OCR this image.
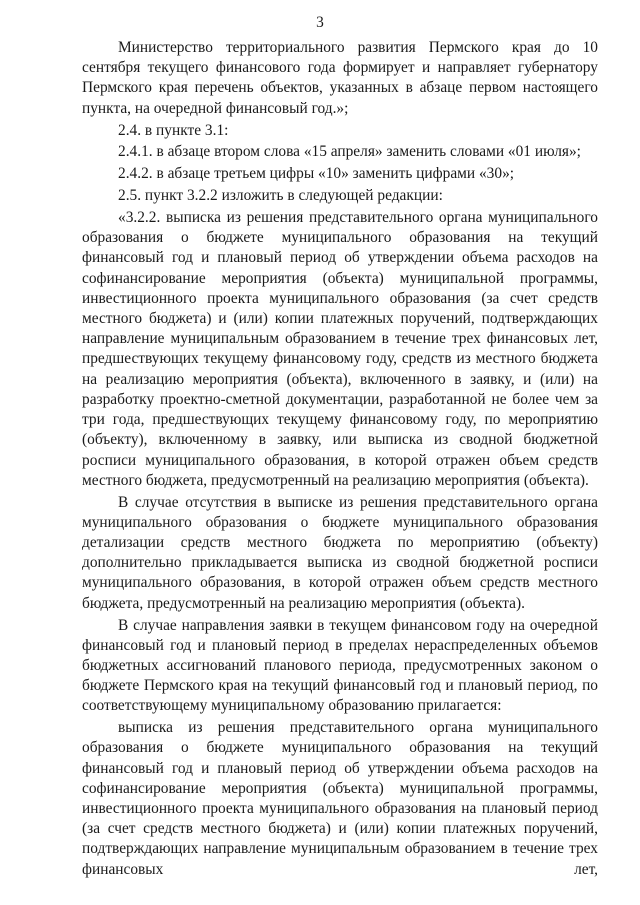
3

Министерство территориального развития Пермского края до 10 сентября текущего финансового года формирует и направляет губернатору Пермского края перечень объектов, указанных в абзаце первом настоящего пункта, на очередной финансовый год.»;

2.4. в пункте 3.1:

2.4.1. в абзаце втором слова «15 апреля» заменить словами «01 июля»;

2.4.2. в абзаце третьем цифры «10» заменить цифрами «30»;

2.5. пункт 3.2.2 изложить в следующей редакции:

«3.2.2. выписка из решения представительного органа муниципального образования о бюджете муниципального образования на текущий финансовый год и плановый период об утверждении объема расходов на софинансирование мероприятия (объекта) муниципальной программы, инвестиционного проекта муниципального образования (за счет средств местного бюджета) и (или) копии платежных поручений, подтверждающих направление муниципальным образованием в течение трех финансовых лет, предшествующих текущему финансовому году, средств из местного бюджета на реализацию мероприятия (объекта), включенного в заявку, и (или) на разработку проектно-сметной документации, разработанной не более чем за три года, предшествующих текущему финансовому году, по мероприятию (объекту), включенному в заявку, или выписка из сводной бюджетной росписи муниципального образования, в которой отражен объем средств местного бюджета, предусмотренный на реализацию мероприятия (объекта).

В случае отсутствия в выписке из решения представительного органа муниципального образования о бюджете муниципального образования детализации средств местного бюджета по мероприятию (объекту) дополнительно прикладывается выписка из сводной бюджетной росписи муниципального образования, в которой отражен объем средств местного бюджета, предусмотренный на реализацию мероприятия (объекта).

В случае направления заявки в текущем финансовом году на очередной финансовый год и плановый период в пределах нераспределенных объемов бюджетных ассигнований планового периода, предусмотренных законом о бюджете Пермского края на текущий финансовый год и плановый период, по соответствующему муниципальному образованию прилагается:

выписка из решения представительного органа муниципального образования о бюджете муниципального образования на текущий финансовый год и плановый период об утверждении объема расходов на софинансирование мероприятия (объекта) муниципальной программы, инвестиционного проекта муниципального образования на плановый период (за счет средств местного бюджета) и (или) копии платежных поручений, подтверждающих направление муниципальным образованием в течение трех финансовых лет,
